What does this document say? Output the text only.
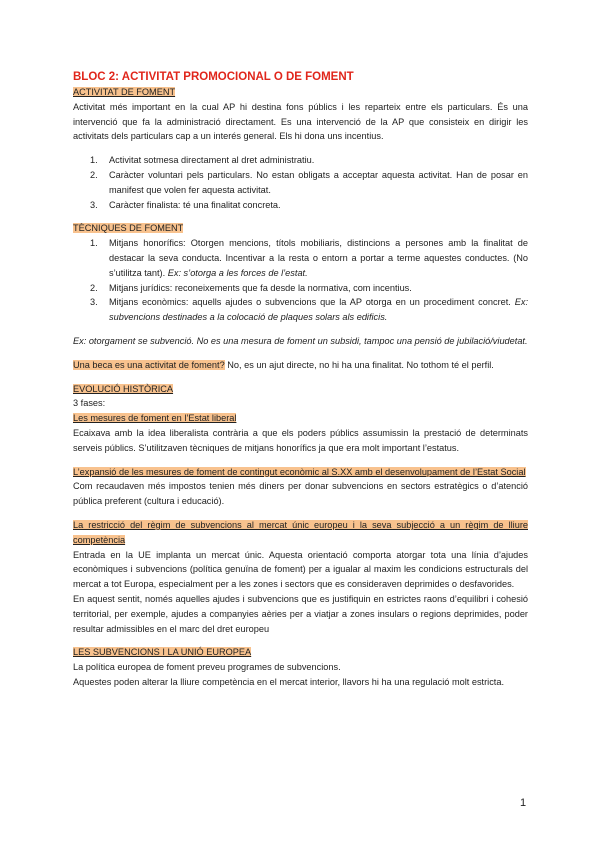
BLOC 2: ACTIVITAT PROMOCIONAL O DE FOMENT
ACTIVITAT DE FOMENT

Activitat més important en la cual AP hi destina fons públics i les reparteix entre els particulars. És una intervenció que fa la administració directament. Es una intervenció de la AP que consisteix en dirigir les activitats dels particulars cap a un interés general. Els hi dona uns incentius.

1. Activitat sotmesa directament al dret administratiu.
2. Caràcter voluntari pels particulars. No estan obligats a acceptar aquesta activitat. Han de posar en manifest que volen fer aquesta activitat.
3. Caràcter finalista: té una finalitat concreta.
TÈCNIQUES DE FOMENT
1. Mitjans honorífics: Otorgen mencions, títols mobiliaris, distincions a persones amb la finalitat de destacar la seva conducta. Incentivar a la resta o entorn a portar a terme aquestes conductes. (No s’utilitza tant). Ex: s’otorga a les forces de l’estat.
2. Mitjans jurídics: reconeixements que fa desde la normativa, com incentius.
3. Mitjans econòmics: aquells ajudes o subvencions que la AP otorga en un procediment concret. Ex: subvencions destinades a la colocació de plaques solars als edificis.

Ex: otorgament se subvenció. No es una mesura de foment un subsidi, tampoc una pensió de jubilació/viudetat.

Una beca es una activitat de foment? No, es un ajut directe, no hi ha una finalitat. No tothom té el perfil.

EVOLUCIÓ HISTÒRICA
3 fases:
Les mesures de foment en l’Estat liberal

Ecaixava amb la idea liberalista contrària a que els poders públics assumissin la prestació de determinats serveis públics. S’utilitzaven tècniques de mitjans honorífics ja que era molt important l’estatus.

L’expansió de les mesures de foment de contingut econòmic al S.XX amb el desenvolupament de l’Estat Social

Com recaudaven més impostos tenien més diners per donar subvencions en sectors estratègics o d’atenció pública preferent (cultura i educació).

La restricció del règim de subvencions al mercat únic europeu i la seva subjecció a un règim de lliure competència

Entrada en la UE implanta un mercat únic. Aquesta orientació comporta atorgar tota una línia d’ajudes econòmiques i subvencions (política genuïna de foment) per a igualar al maxim les condicions estructurals del mercat a tot Europa, especialment per a les zones i sectors que es consideraven deprimides o desfavorides.

En aquest sentit, només aquelles ajudes i subvencions que es justifiquin en estrictes raons d’equilibri i cohesió territorial, per exemple, ajudes a companyies aèries per a viatjar a zones insulars o regions deprimides, poder resultar admissibles en el marc del dret europeu

LES SUBVENCIONS I LA UNIÓ EUROPEA

La política europea de foment preveu programes de subvencions.

Aquestes poden alterar la lliure competència en el mercat interior, llavors hi ha una regulació molt estricta.

1
